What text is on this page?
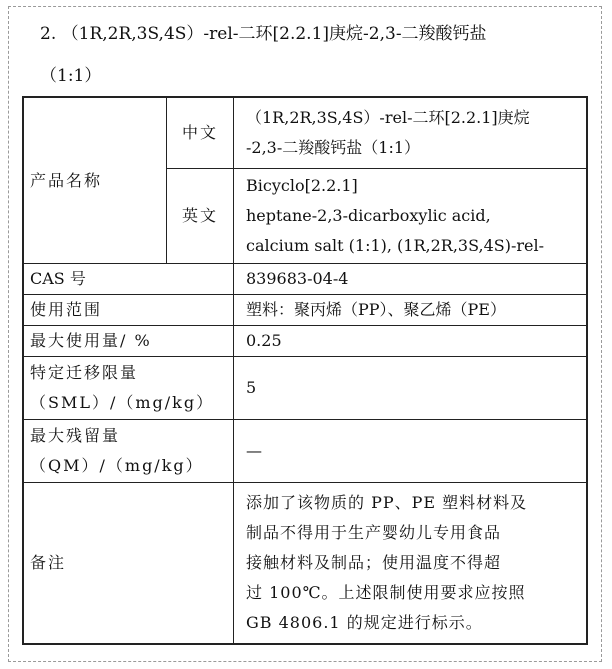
2. （1R,2R,3S,4S）-rel-二环[2.2.1]庚烷-2,3-二羧酸钙盐
（1:1）
产品名称	中文	（1R,2R,3S,4S）-rel-二环[2.2.1]庚烷
-2,3-二羧酸钙盐（1:1）

	英文	Bicyclo[2.2.1]
heptane-2,3-dicarboxylic acid,
calcium salt (1:1), (1R,2R,3S,4S)-rel-

CAS 号		839683-04-4
使用范围		塑料：聚丙烯（PP）、聚乙烯（PE）
最大使用量/ %		0.25

特定迁移限量
（SML）/（mg/kg）		5

最大残留量
（QM）/（mg/kg）		—
备注		添加了该物质的 PP、PE 塑料材料及
制品不得用于生产婴幼儿专用食品
接触材料及制品；使用温度不得超
过 100℃。上述限制使用要求应按照
GB 4806.1 的规定进行标示。
